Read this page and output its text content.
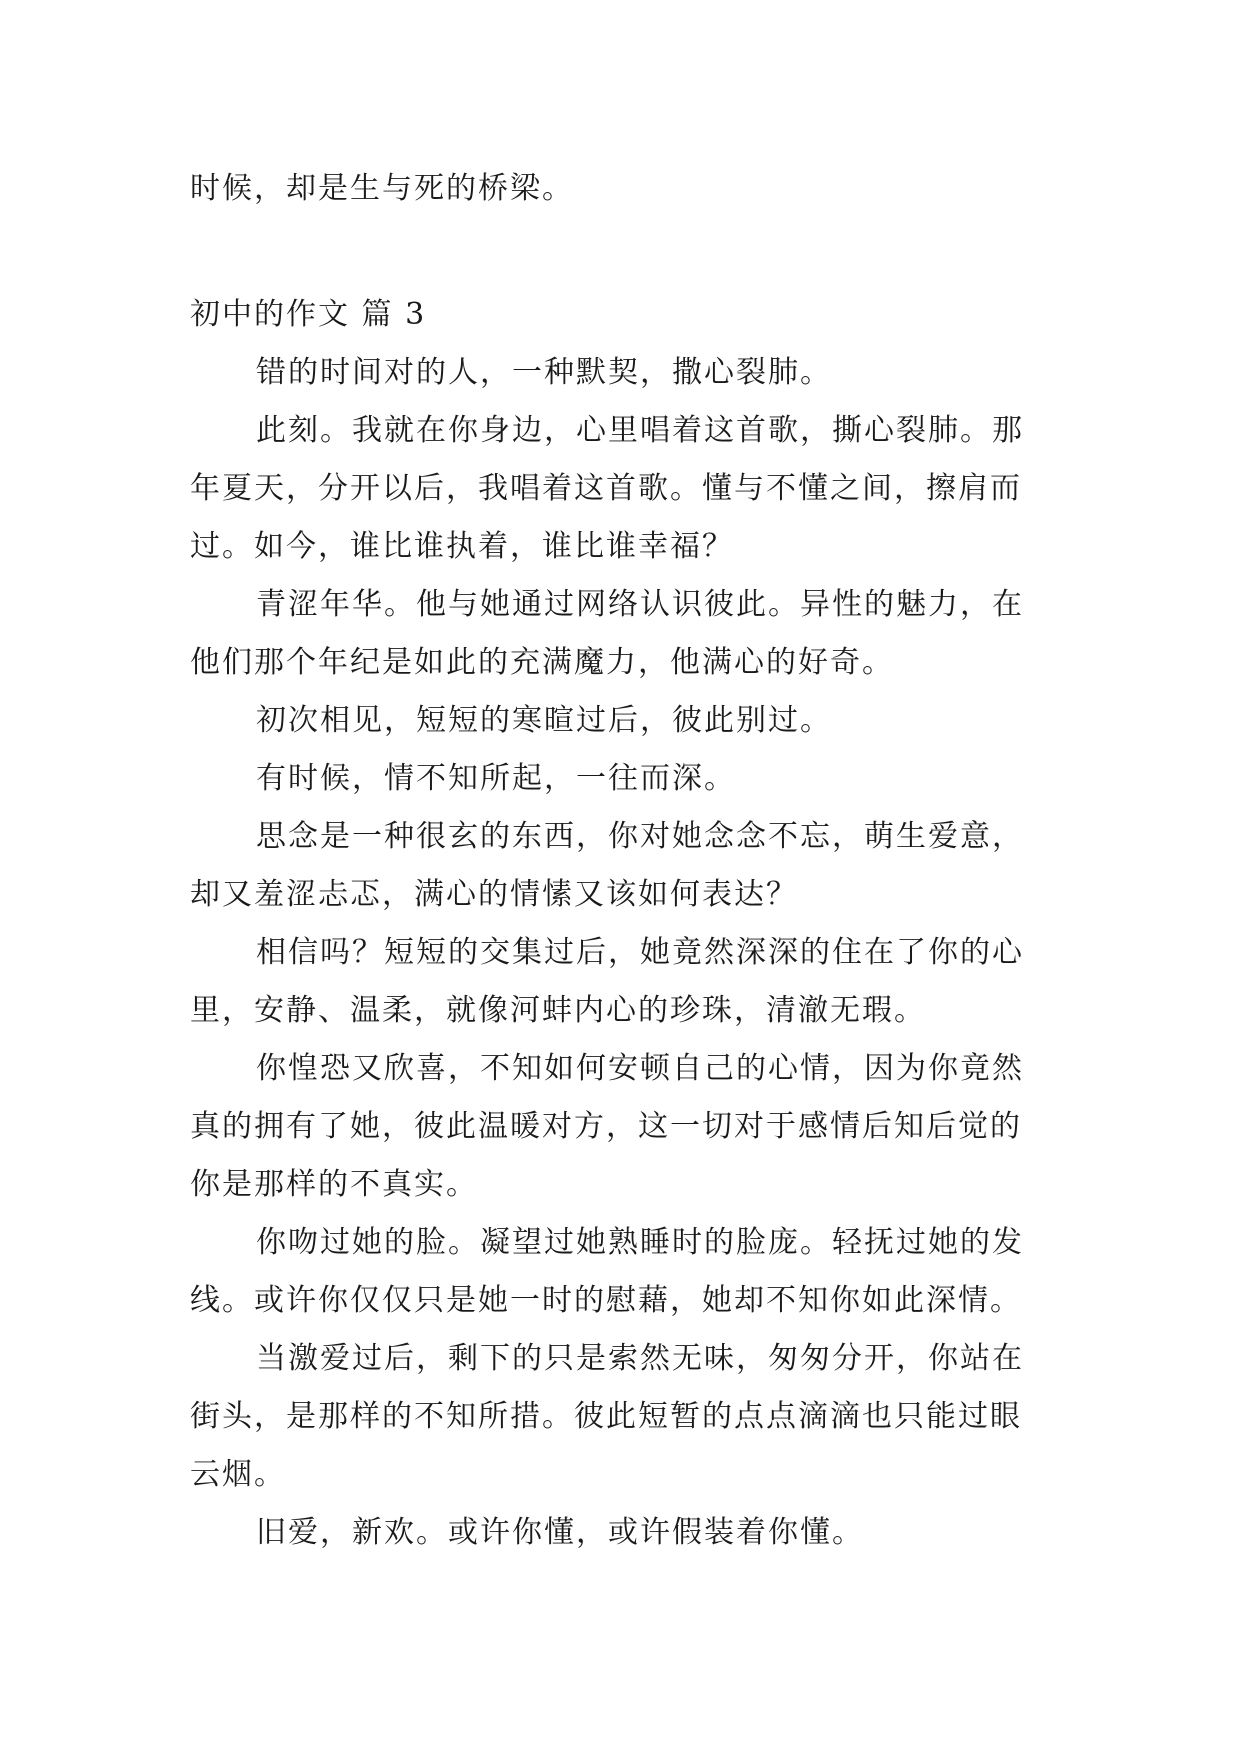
时候，却是生与死的桥梁。

初中的作文 篇 3

错的时间对的人，一种默契，撒心裂肺。

此刻。我就在你身边，心里唱着这首歌，撕心裂肺。那

年夏天，分开以后，我唱着这首歌。懂与不懂之间，擦肩而

过。如今，谁比谁执着，谁比谁幸福？

青涩年华。他与她通过网络认识彼此。异性的魅力，在

他们那个年纪是如此的充满魔力，他满心的好奇。

初次相见，短短的寒暄过后，彼此别过。

有时候，情不知所起，一往而深。

思念是一种很玄的东西，你对她念念不忘，萌生爱意，

却又羞涩忐忑，满心的情愫又该如何表达？

相信吗？短短的交集过后，她竟然深深的住在了你的心

里，安静、温柔，就像河蚌内心的珍珠，清澈无瑕。

你惶恐又欣喜，不知如何安顿自己的心情，因为你竟然

真的拥有了她，彼此温暖对方，这一切对于感情后知后觉的

你是那样的不真实。

你吻过她的脸。凝望过她熟睡时的脸庞。轻抚过她的发

线。或许你仅仅只是她一时的慰藉，她却不知你如此深情。

当激爱过后，剩下的只是索然无味，匆匆分开，你站在

街头，是那样的不知所措。彼此短暂的点点滴滴也只能过眼

云烟。

旧爱，新欢。或许你懂，或许假装着你懂。
